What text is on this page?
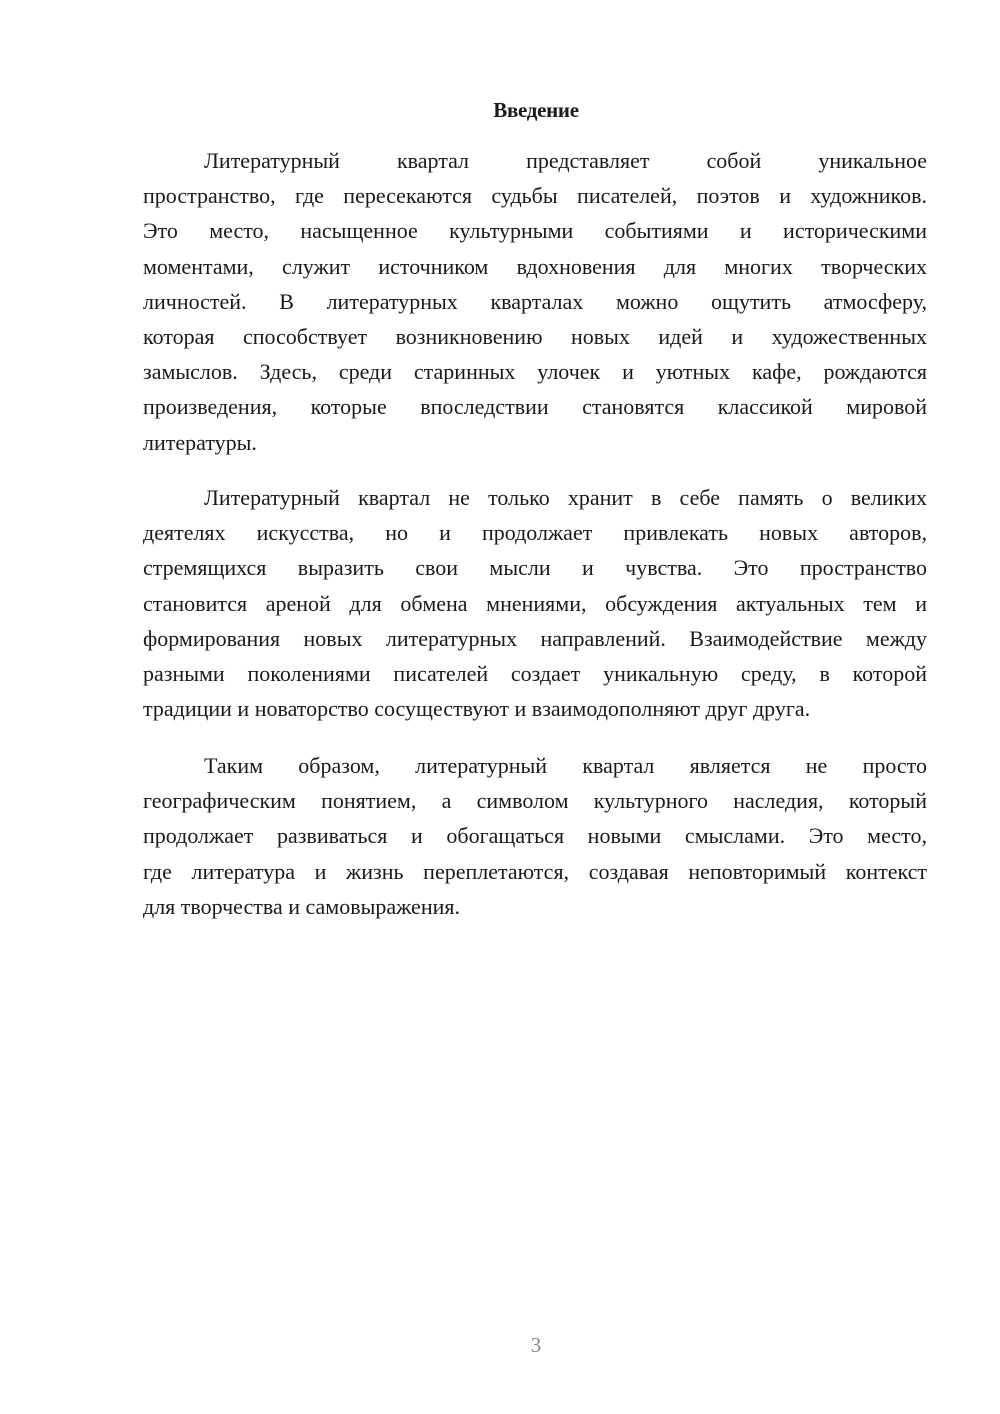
Введение
Литературный квартал представляет собой уникальное
пространство, где пересекаются судьбы писателей, поэтов и художников.
Это место, насыщенное культурными событиями и историческими
моментами, служит источником вдохновения для многих творческих
личностей. В литературных кварталах можно ощутить атмосферу,
которая способствует возникновению новых идей и художественных
замыслов. Здесь, среди старинных улочек и уютных кафе, рождаются
произведения, которые впоследствии становятся классикой мировой
литературы.
Литературный квартал не только хранит в себе память о великих
деятелях искусства, но и продолжает привлекать новых авторов,
стремящихся выразить свои мысли и чувства. Это пространство
становится ареной для обмена мнениями, обсуждения актуальных тем и
формирования новых литературных направлений. Взаимодействие между
разными поколениями писателей создает уникальную среду, в которой
традиции и новаторство сосуществуют и взаимодополняют друг друга.
Таким образом, литературный квартал является не просто
географическим понятием, а символом культурного наследия, который
продолжает развиваться и обогащаться новыми смыслами. Это место,
где литература и жизнь переплетаются, создавая неповторимый контекст
для творчества и самовыражения.
3
